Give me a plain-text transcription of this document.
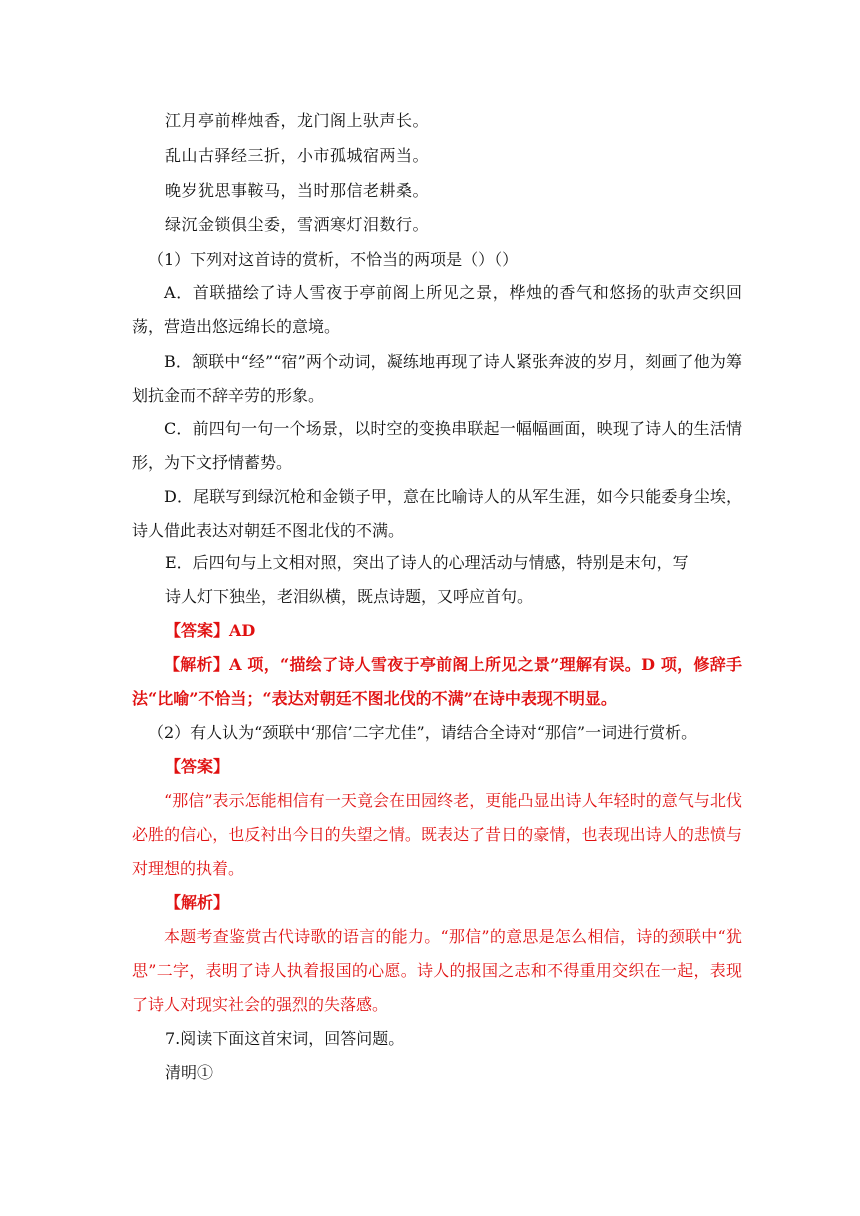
江月亭前桦烛香，龙门阁上驮声长。
乱山古驿经三折，小市孤城宿两当。
晚岁犹思事鞍马，当时那信老耕桑。
绿沉金锁俱尘委，雪洒寒灯泪数行。
（1）下列对这首诗的赏析，不恰当的两项是（）（）
A．首联描绘了诗人雪夜于亭前阁上所见之景，桦烛的香气和悠扬的驮声交织回荡，营造出悠远绵长的意境。
B．颔联中“经”“宿”两个动词，凝练地再现了诗人紧张奔波的岁月，刻画了他为筹划抗金而不辞辛劳的形象。
C．前四句一句一个场景，以时空的变换串联起一幅幅画面，映现了诗人的生活情形，为下文抒情蓄势。
D．尾联写到绿沉枪和金锁子甲，意在比喻诗人的从军生涯，如今只能委身尘埃，诗人借此表达对朝廷不图北伐的不满。
E．后四句与上文相对照，突出了诗人的心理活动与情感，特别是末句，写
诗人灯下独坐，老泪纵横，既点诗题，又呼应首句。
【答案】AD
【解析】A 项，“描绘了诗人雪夜于亭前阁上所见之景”理解有误。D 项，修辞手法“比喻”不恰当；“表达对朝廷不图北伐的不满”在诗中表现不明显。
（2）有人认为“颈联中‘那信’二字尤佳”，请结合全诗对“那信”一词进行赏析。
【答案】
“那信”表示怎能相信有一天竟会在田园终老，更能凸显出诗人年轻时的意气与北伐必胜的信心，也反衬出今日的失望之情。既表达了昔日的豪情，也表现出诗人的悲愤与对理想的执着。
【解析】
本题考查鉴赏古代诗歌的语言的能力。“那信”的意思是怎么相信，诗的颈联中“犹思”二字，表明了诗人执着报国的心愿。诗人的报国之志和不得重用交织在一起，表现了诗人对现实社会的强烈的失落感。
7.阅读下面这首宋词，回答问题。
清明①
